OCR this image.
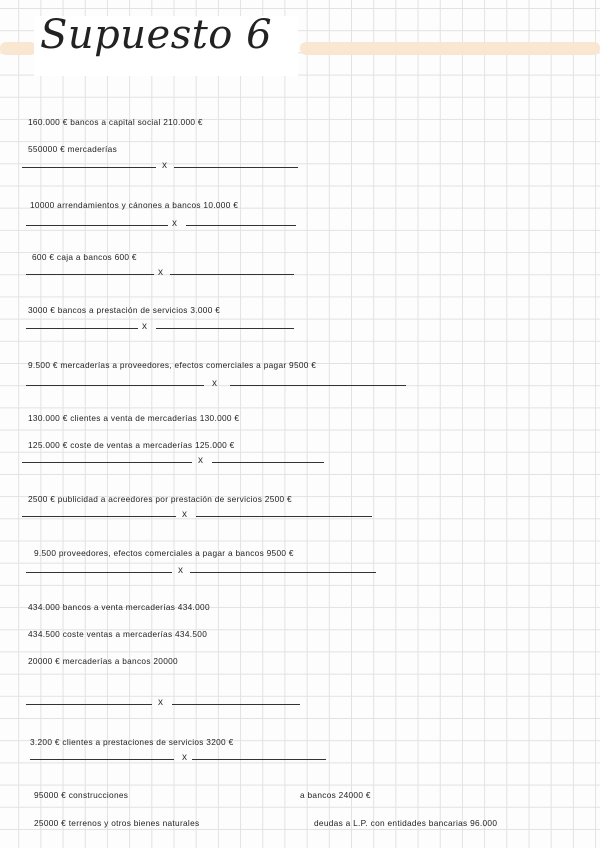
Supuesto 6
160.000 € bancos a capital social 210.000 €
550000 € mercaderías
x
10000 arrendamientos y cánones a bancos 10.000 €
x
600 € caja a bancos 600 €
x
3000 € bancos a prestación de servicios 3.000 €
x
9.500 € mercaderías a proveedores, efectos comerciales a pagar 9500 €
x
130.000 € clientes a venta de mercaderías 130.000 €
125.000 € coste de ventas a mercaderías 125.000 €
x
2500 € publicidad a acreedores por prestación de servicios 2500 €
x
9.500 proveedores, efectos comerciales a pagar a bancos 9500 €
x
434.000 bancos a venta mercaderías 434.000
434.500 coste ventas a mercaderías 434.500
20000 € mercaderías a bancos 20000
x
3.200 € clientes a prestaciones de servicios 3200 €
x
95000 € construcciones	a bancos 24000 €
25000 € terrenos y otros bienes naturales	deudas a L.P. con entidades bancarias 96.000
